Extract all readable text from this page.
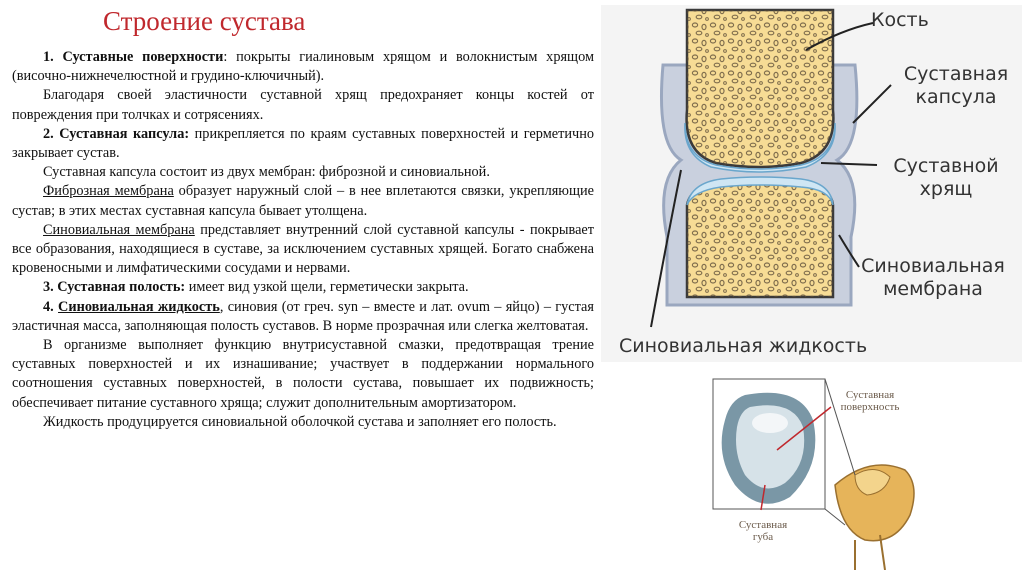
Строение сустава

1. Суставные поверхности: покрыты гиалиновым хрящом и волокнистым хрящом (височно-нижнечелюстной и грудино-ключичный).

Благодаря своей эластичности суставной хрящ предохраняет концы костей от повреждения при толчках и сотрясениях.

2. Суставная капсула: прикрепляется по краям суставных поверхностей и герметично закрывает сустав.

Суставная капсула состоит из двух мембран: фиброзной и синовиальной.

Фиброзная мембрана образует наружный слой – в нее вплетаются связки, укрепляющие сустав; в этих местах суставная капсула бывает утолщена.

Синовиальная мембрана представляет внутренний слой суставной капсулы - покрывает все образования, находящиеся в суставе, за исключением суставных хрящей. Богато снабжена кровеносными и лимфатическими сосудами и нервами.

3. Суставная полость: имеет вид узкой щели, герметически закрыта.

4. Синовиальная жидкость, синовия (от греч. syn – вместе и лат. ovum – яйцо) – густая эластичная масса, заполняющая полость суставов. В норме прозрачная или слегка желтоватая.

В организме выполняет функцию внутрисуставной смазки, предотвращая трение суставных поверхностей и их изнашивание; участвует в поддержании нормального соотношения суставных поверхностей, в полости сустава, повышает их подвижность; обеспечивает питание суставного хряща; служит дополнительным амортизатором.

Жидкость продуцируется синовиальной оболочкой сустава и заполняет его полость.

Кость
Суставная
капсула
Суставной
хрящ
Синовиальная
мембрана
Синовиальная жидкость
Суставная
поверхность
Суставная
губа
